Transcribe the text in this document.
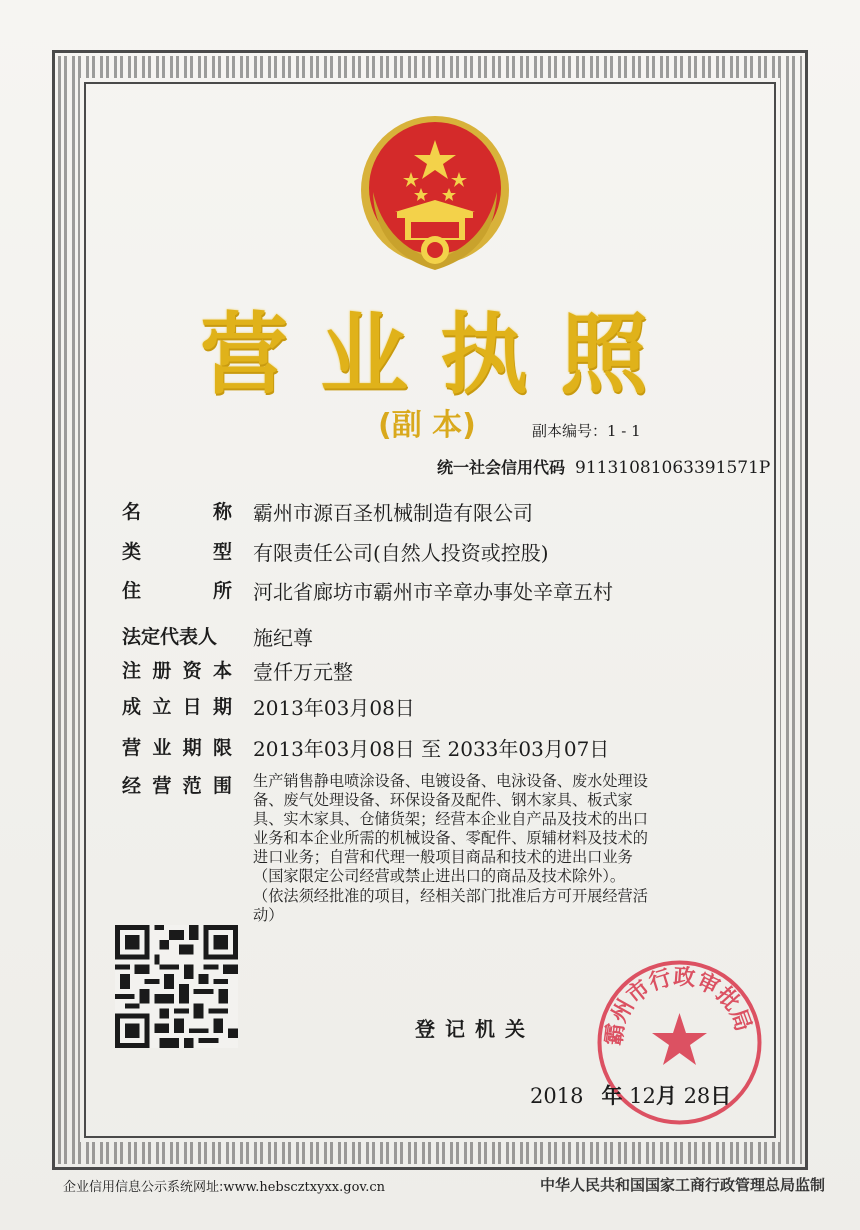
营业执照
(副 本)	副本编号：1 - 1
统一社会信用代码 91131081063391571P
名	称 霸州市源百圣机械制造有限公司
类	型 有限责任公司(自然人投资或控股)
住	所 河北省廊坊市霸州市辛章办事处辛章五村
法定代表人 施纪尊
注 册 资 本 壹仟万元整
成 立 日 期 2013年03月08日
营 业 期 限 2013年03月08日 至 2033年03月07日
经 营 范 围 生产销售静电喷涂设备、电镀设备、电泳设备、废水处理设
备、废气处理设备、环保设备及配件、钢木家具、板式家
具、实木家具、仓储货架；经营本企业自产品及技术的出口
业务和本企业所需的机械设备、零配件、原辅材料及技术的
进口业务；自营和代理一般项目商品和技术的进出口业务
（国家限定公司经营或禁止进出口的商品及技术除外）。
（依法须经批准的项目，经相关部门批准后方可开展经营活
动）
登记机关	霸州市行政审批局
2018 年 12月 28日
企业信用信息公示系统网址:www.hebscztxyxx.gov.cn	中华人民共和国国家工商行政管理总局监制
